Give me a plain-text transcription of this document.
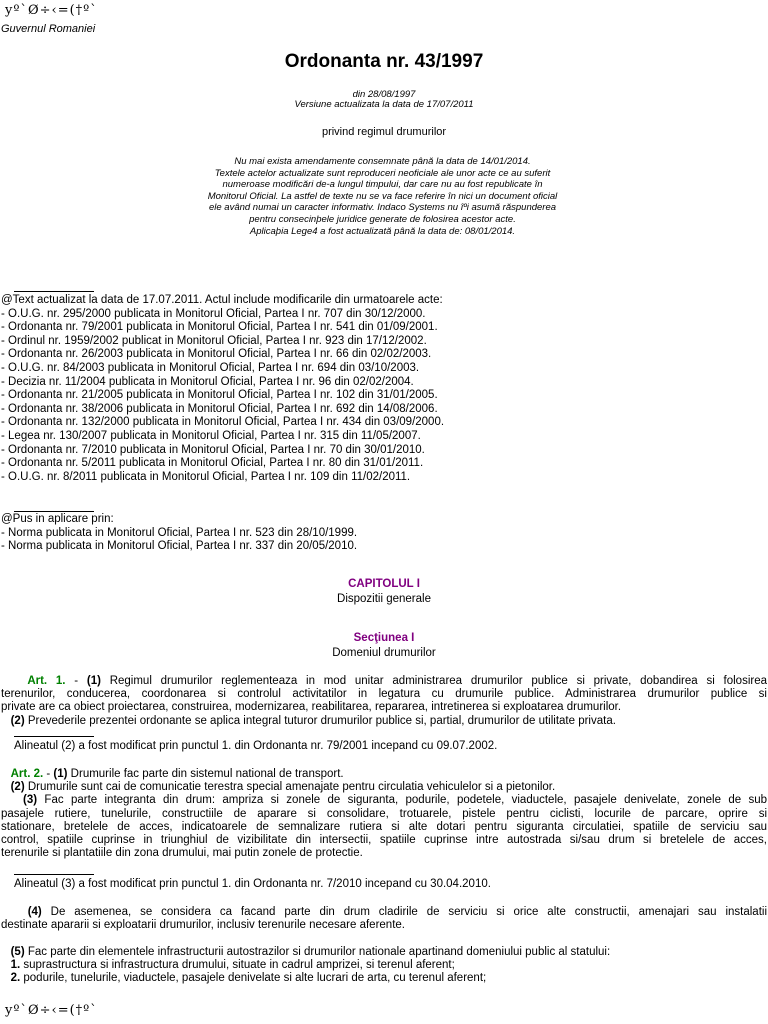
yº`Ø÷‹=(†º`
Guvernul Romaniei
Ordonanta nr. 43/1997
din 28/08/1997
Versiune actualizata la data de 17/07/2011
privind regimul drumurilor
Nu mai exista amendamente consemnate până la data de 14/01/2014.
Textele actelor actualizate sunt reproduceri neoficiale ale unor acte ce au suferit
numeroase modificări de-a lungul timpului, dar care nu au fost republicate în
Monitorul Oficial. La astfel de texte nu se va face referire în nici un document oficial
ele având numai un caracter informativ. Indaco Systems nu îºi asumă răspunderea
pentru consecinþele juridice generate de folosirea acestor acte.
Aplicaþia Lege4 a fost actualizată până la data de: 08/01/2014.
@Text actualizat la data de 17.07.2011. Actul include modificarile din urmatoarele acte:
- O.U.G. nr. 295/2000 publicata in Monitorul Oficial, Partea I nr. 707 din 30/12/2000.
- Ordonanta nr. 79/2001 publicata in Monitorul Oficial, Partea I nr. 541 din 01/09/2001.
- Ordinul nr. 1959/2002 publicat in Monitorul Oficial, Partea I nr. 923 din 17/12/2002.
- Ordonanta nr. 26/2003 publicata in Monitorul Oficial, Partea I nr. 66 din 02/02/2003.
- O.U.G. nr. 84/2003 publicata in Monitorul Oficial, Partea I nr. 694 din 03/10/2003.
- Decizia nr. 11/2004 publicata in Monitorul Oficial, Partea I nr. 96 din 02/02/2004.
- Ordonanta nr. 21/2005 publicata in Monitorul Oficial, Partea I nr. 102 din 31/01/2005.
- Ordonanta nr. 38/2006 publicata in Monitorul Oficial, Partea I nr. 692 din 14/08/2006.
- Ordonanta nr. 132/2000 publicata in Monitorul Oficial, Partea I nr. 434 din 03/09/2000.
- Legea nr. 130/2007 publicata in Monitorul Oficial, Partea I nr. 315 din 11/05/2007.
- Ordonanta nr. 7/2010 publicata in Monitorul Oficial, Partea I nr. 70 din 30/01/2010.
- Ordonanta nr. 5/2011 publicata in Monitorul Oficial, Partea I nr. 80 din 31/01/2011.
- O.U.G. nr. 8/2011 publicata in Monitorul Oficial, Partea I nr. 109 din 11/02/2011.
@Pus in aplicare prin:
- Norma publicata in Monitorul Oficial, Partea I nr. 523 din 28/10/1999.
- Norma publicata in Monitorul Oficial, Partea I nr. 337 din 20/05/2010.
CAPITOLUL I
Dispozitii generale
Secţiunea I
Domeniul drumurilor
Art. 1. - (1) Regimul drumurilor reglementeaza in mod unitar administrarea drumurilor publice si private, dobandirea si folosirea
terenurilor, conducerea, coordonarea si controlul activitatilor in legatura cu drumurile publice. Administrarea drumurilor publice si
private are ca obiect proiectarea, construirea, modernizarea, reabilitarea, repararea, intretinerea si exploatarea drumurilor.
(2) Prevederile prezentei ordonante se aplica integral tuturor drumurilor publice si, partial, drumurilor de utilitate privata.
Alineatul (2) a fost modificat prin punctul 1. din Ordonanta nr. 79/2001 incepand cu 09.07.2002.
Art. 2. - (1) Drumurile fac parte din sistemul national de transport.
(2) Drumurile sunt cai de comunicatie terestra special amenajate pentru circulatia vehiculelor si a pietonilor.
(3) Fac parte integranta din drum: ampriza si zonele de siguranta, podurile, podetele, viaductele, pasajele denivelate, zonele de sub
pasajele rutiere, tunelurile, constructiile de aparare si consolidare, trotuarele, pistele pentru ciclisti, locurile de parcare, oprire si
stationare, bretelele de acces, indicatoarele de semnalizare rutiera si alte dotari pentru siguranta circulatiei, spatiile de serviciu sau
control, spatiile cuprinse in triunghiul de vizibilitate din intersectii, spatiile cuprinse intre autostrada si/sau drum si bretelele de acces,
terenurile si plantatiile din zona drumului, mai putin zonele de protectie.
Alineatul (3) a fost modificat prin punctul 1. din Ordonanta nr. 7/2010 incepand cu 30.04.2010.
(4) De asemenea, se considera ca facand parte din drum cladirile de serviciu si orice alte constructii, amenajari sau instalatii
destinate apararii si exploatarii drumurilor, inclusiv terenurile necesare aferente.
(5) Fac parte din elementele infrastructurii autostrazilor si drumurilor nationale apartinand domeniului public al statului:
1. suprastructura si infrastructura drumului, situate in cadrul amprizei, si terenul aferent;
2. podurile, tunelurile, viaductele, pasajele denivelate si alte lucrari de arta, cu terenul aferent;
yº`Ø÷‹=(†º`
